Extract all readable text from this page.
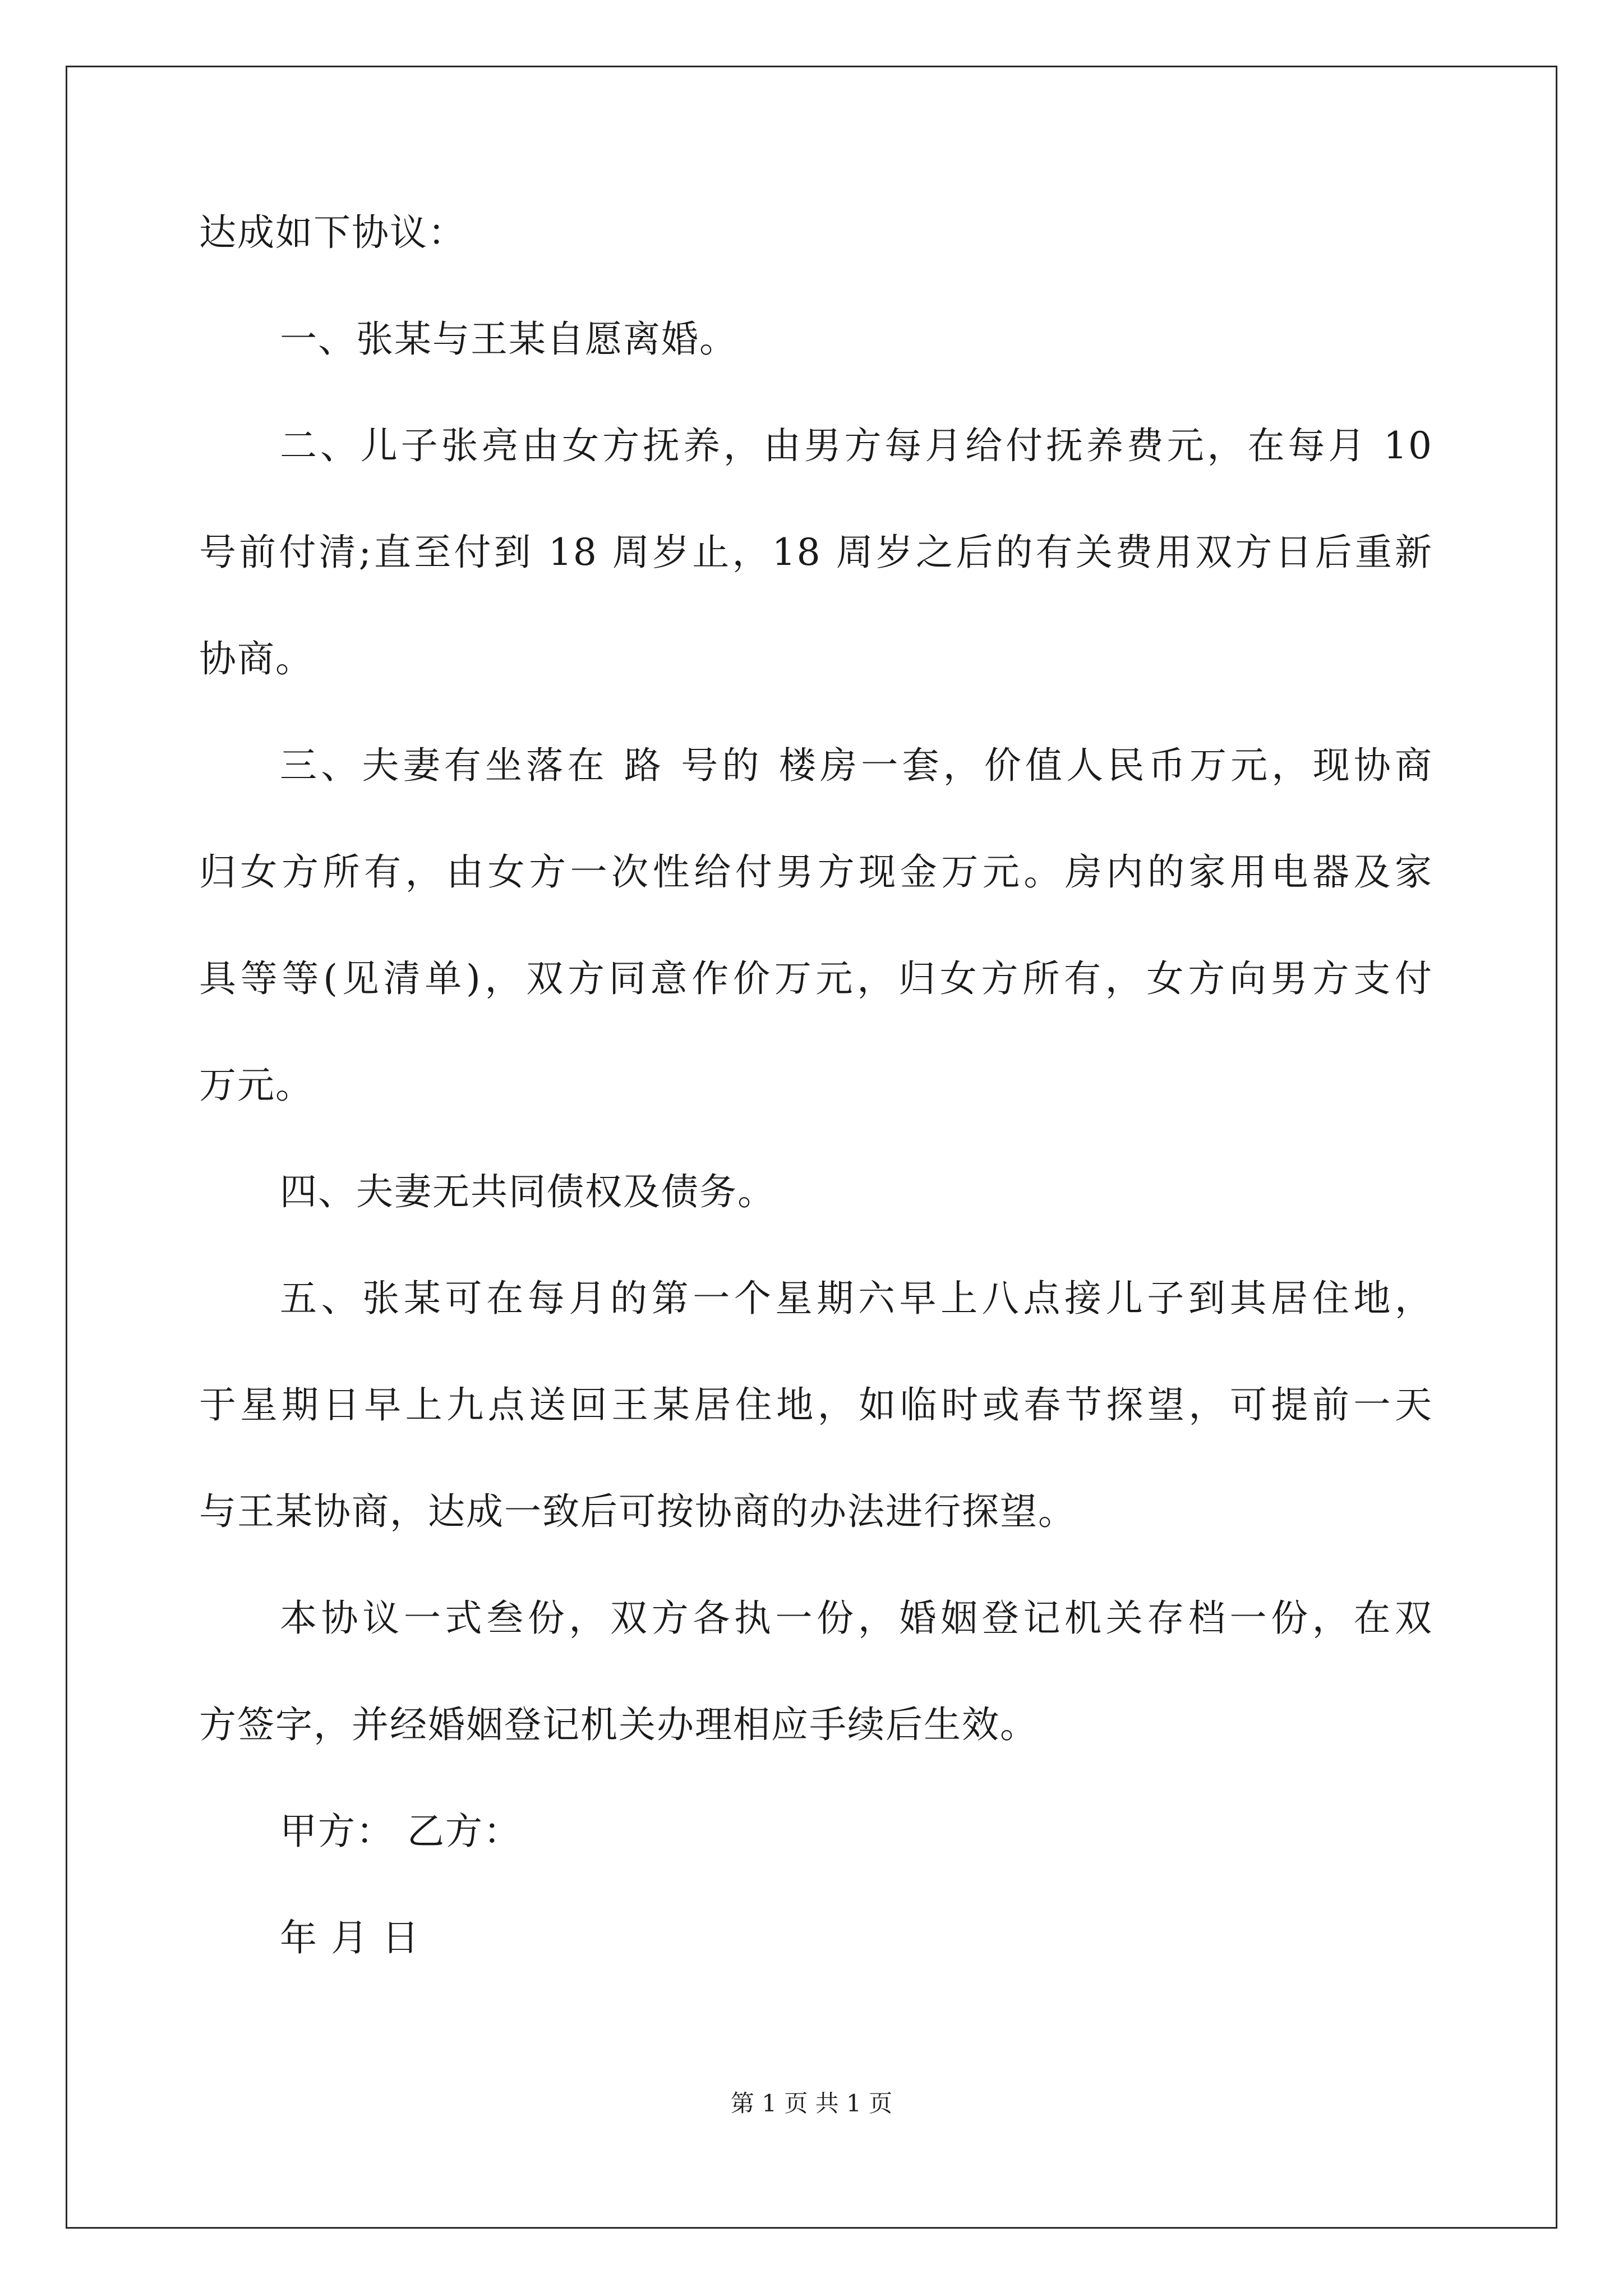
达成如下协议：
一、张某与王某自愿离婚。
二、儿子张亮由女方抚养，由男方每月给付抚养费元，在每月 10
号前付清;直至付到 18 周岁止，18 周岁之后的有关费用双方日后重新
协商。
三、夫妻有坐落在 路 号的 楼房一套，价值人民币万元，现协商
归女方所有，由女方一次性给付男方现金万元。房内的家用电器及家
具等等(见清单)，双方同意作价万元，归女方所有，女方向男方支付
万元。
四、夫妻无共同债权及债务。
五、张某可在每月的第一个星期六早上八点接儿子到其居住地，
于星期日早上九点送回王某居住地，如临时或春节探望，可提前一天
与王某协商，达成一致后可按协商的办法进行探望。
本协议一式叁份，双方各执一份，婚姻登记机关存档一份，在双
方签字，并经婚姻登记机关办理相应手续后生效。
甲方： 乙方：
年 月 日
第 1 页 共 1 页
